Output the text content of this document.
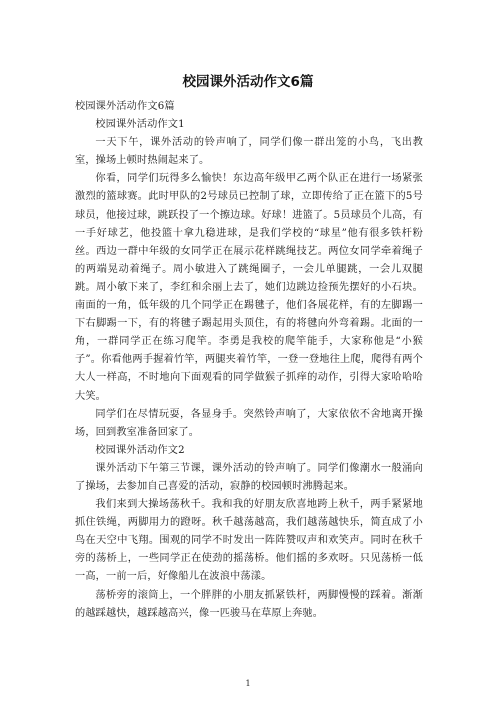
校园课外活动作文6篇

校园课外活动作文6篇

校园课外活动作文1

一天下午，课外活动的铃声响了，同学们像一群出笼的小鸟，飞出教室，操场上顿时热闹起来了。

你看，同学们玩得多么愉快！东边高年级甲乙两个队正在进行一场紧张激烈的篮球赛。此时甲队的2号球员已控制了球，立即传给了正在篮下的5号球员，他接过球，跳跃投了一个擦边球。好球！进篮了。5员球员个儿高，有一手好球艺，他投篮十拿九稳进球，是我们学校的“球星”他有很多铁杆粉丝。西边一群中年级的女同学正在展示花样跳绳技艺。两位女同学牵着绳子的两端晃动着绳子。周小敏进入了跳绳圈子，一会儿单腿跳，一会儿双腿跳。周小敏下来了，李红和余丽上去了，她们边跳边捡预先摆好的小石块。南面的一角，低年级的几个同学正在踢毽子，他们各展花样，有的左脚踢一下右脚踢一下，有的将毽子踢起用头顶住，有的将毽向外弯着踢。北面的一角，一群同学正在练习爬竿。李勇是我校的爬竿能手，大家称他是“小猴子”。你看他两手握着竹竿，两腿夹着竹竿，一登一登地往上爬，爬得有两个大人一样高，不时地向下面观看的同学做猴子抓痒的动作，引得大家哈哈哈大笑。

同学们在尽情玩耍，各显身手。突然铃声响了，大家依依不舍地离开操场，回到教室准备回家了。

校园课外活动作文2

课外活动下午第三节课，课外活动的铃声响了。同学们像潮水一般涌向了操场，去参加自己喜爱的活动，寂静的校园顿时沸腾起来。

我们来到大操场荡秋千。我和我的好朋友欣喜地跨上秋千，两手紧紧地抓住铁绳，两脚用力的蹬呀。秋千越荡越高，我们越荡越快乐，简直成了小鸟在天空中飞翔。围观的同学不时发出一阵阵赞叹声和欢笑声。同时在秋千旁的荡桥上，一些同学正在使劲的摇荡桥。他们摇的多欢呀。只见荡桥一低一高，一前一后，好像船儿在波浪中荡漾。

荡桥旁的滚筒上，一个胖胖的小朋友抓紧铁杆，两脚慢慢的踩着。渐渐的越踩越快，越踩越高兴，像一匹骏马在草原上奔驰。

1
